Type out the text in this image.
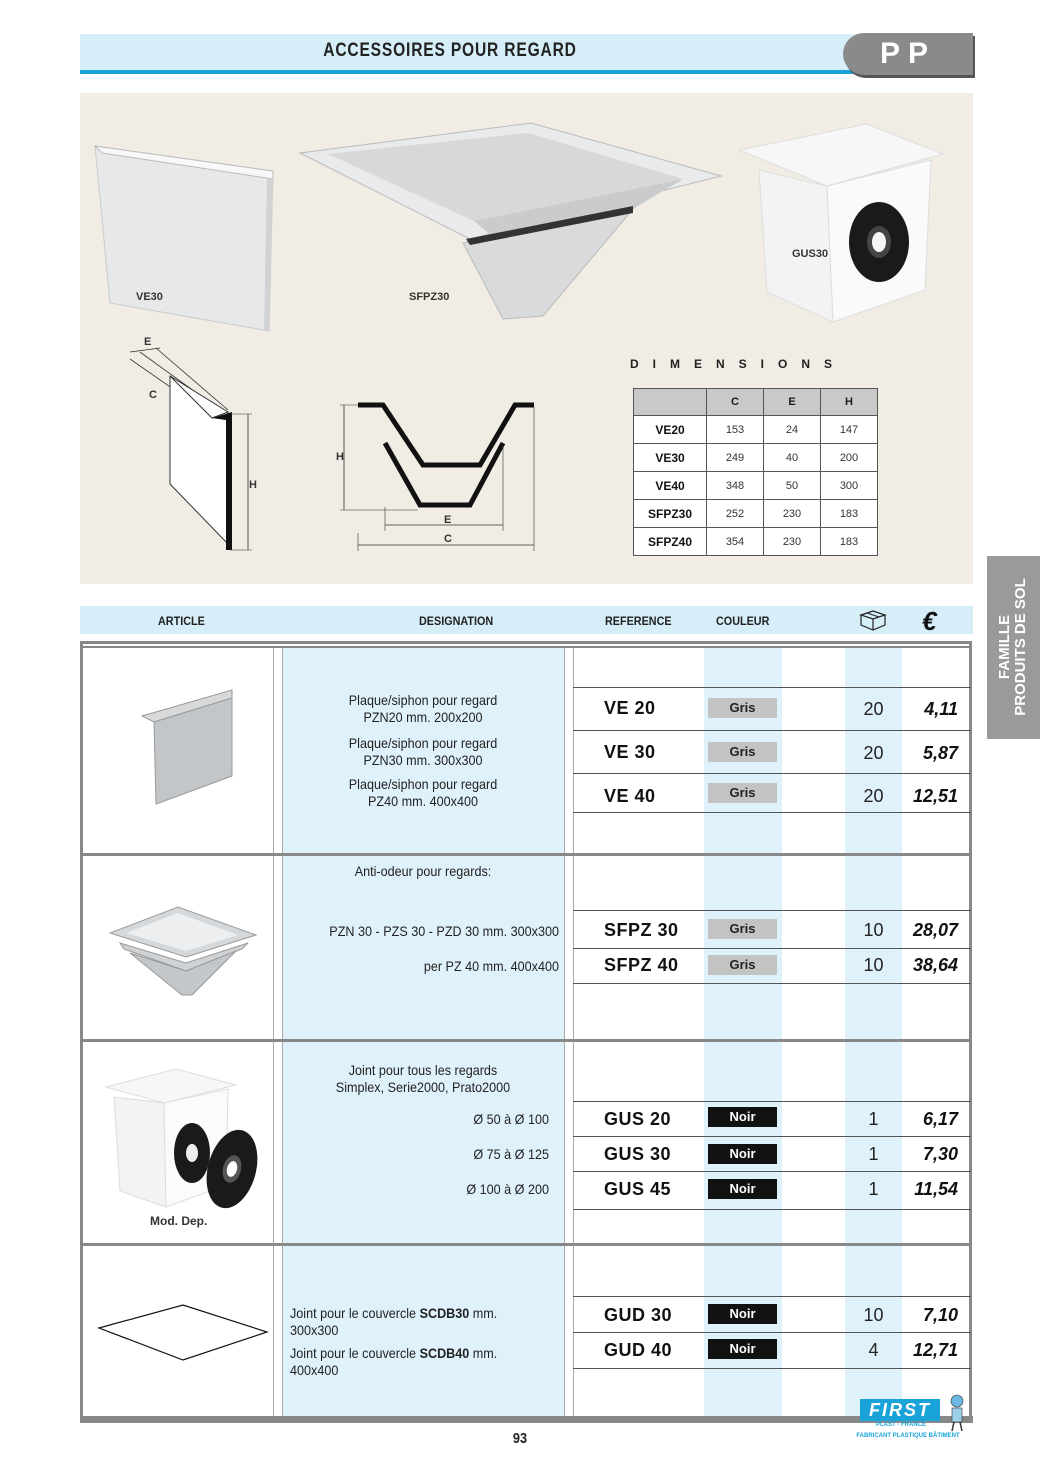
ACCESSOIRES POUR REGARD	PP
VE30	SFPZ30
GUS30
E
C
H
H
E
C
DIMENSIONS
	C	E	H
VE20	153	24	147
VE30	249	40	200
VE40	348	50	300
SFPZ30	252	230	183
SFPZ40	354	230	183
FAMILLE PRODUITS DE SOL
ARTICLE	DESIGNATION	REFERENCE	COULEUR	€
Plaque/siphon pour regard
PZN20 mm. 200x200	VE 20	Gris	20	4,11
Plaque/siphon pour regard
PZN30 mm. 300x300	VE 30	Gris	20	5,87
Plaque/siphon pour regard
PZ40 mm. 400x400	VE 40	Gris	20	12,51
Anti-odeur pour regards:
PZN 30 - PZS 30 - PZD 30 mm. 300x300	SFPZ 30	Gris	10	28,07
per PZ 40 mm. 400x400	SFPZ 40	Gris	10	38,64
Mod. Dep.
Joint pour tous les regards
Simplex, Serie2000, Prato2000
Ø 50 à Ø 100	GUS 20	Noir	1	6,17
Ø 75 à Ø 125	GUS 30	Noir	1	7,30
Ø 100 à Ø 200	GUS 45	Noir	1	11,54
Joint pour le couvercle SCDB30 mm. 300x300
GUD 30	Noir	10	7,10
Joint pour le couvercle SCDB40 mm. 400x400
GUD 40	Noir	4	12,71
93
FIRST
PLAST - FRANCE
FABRICANT PLASTIQUE BÂTIMENT
